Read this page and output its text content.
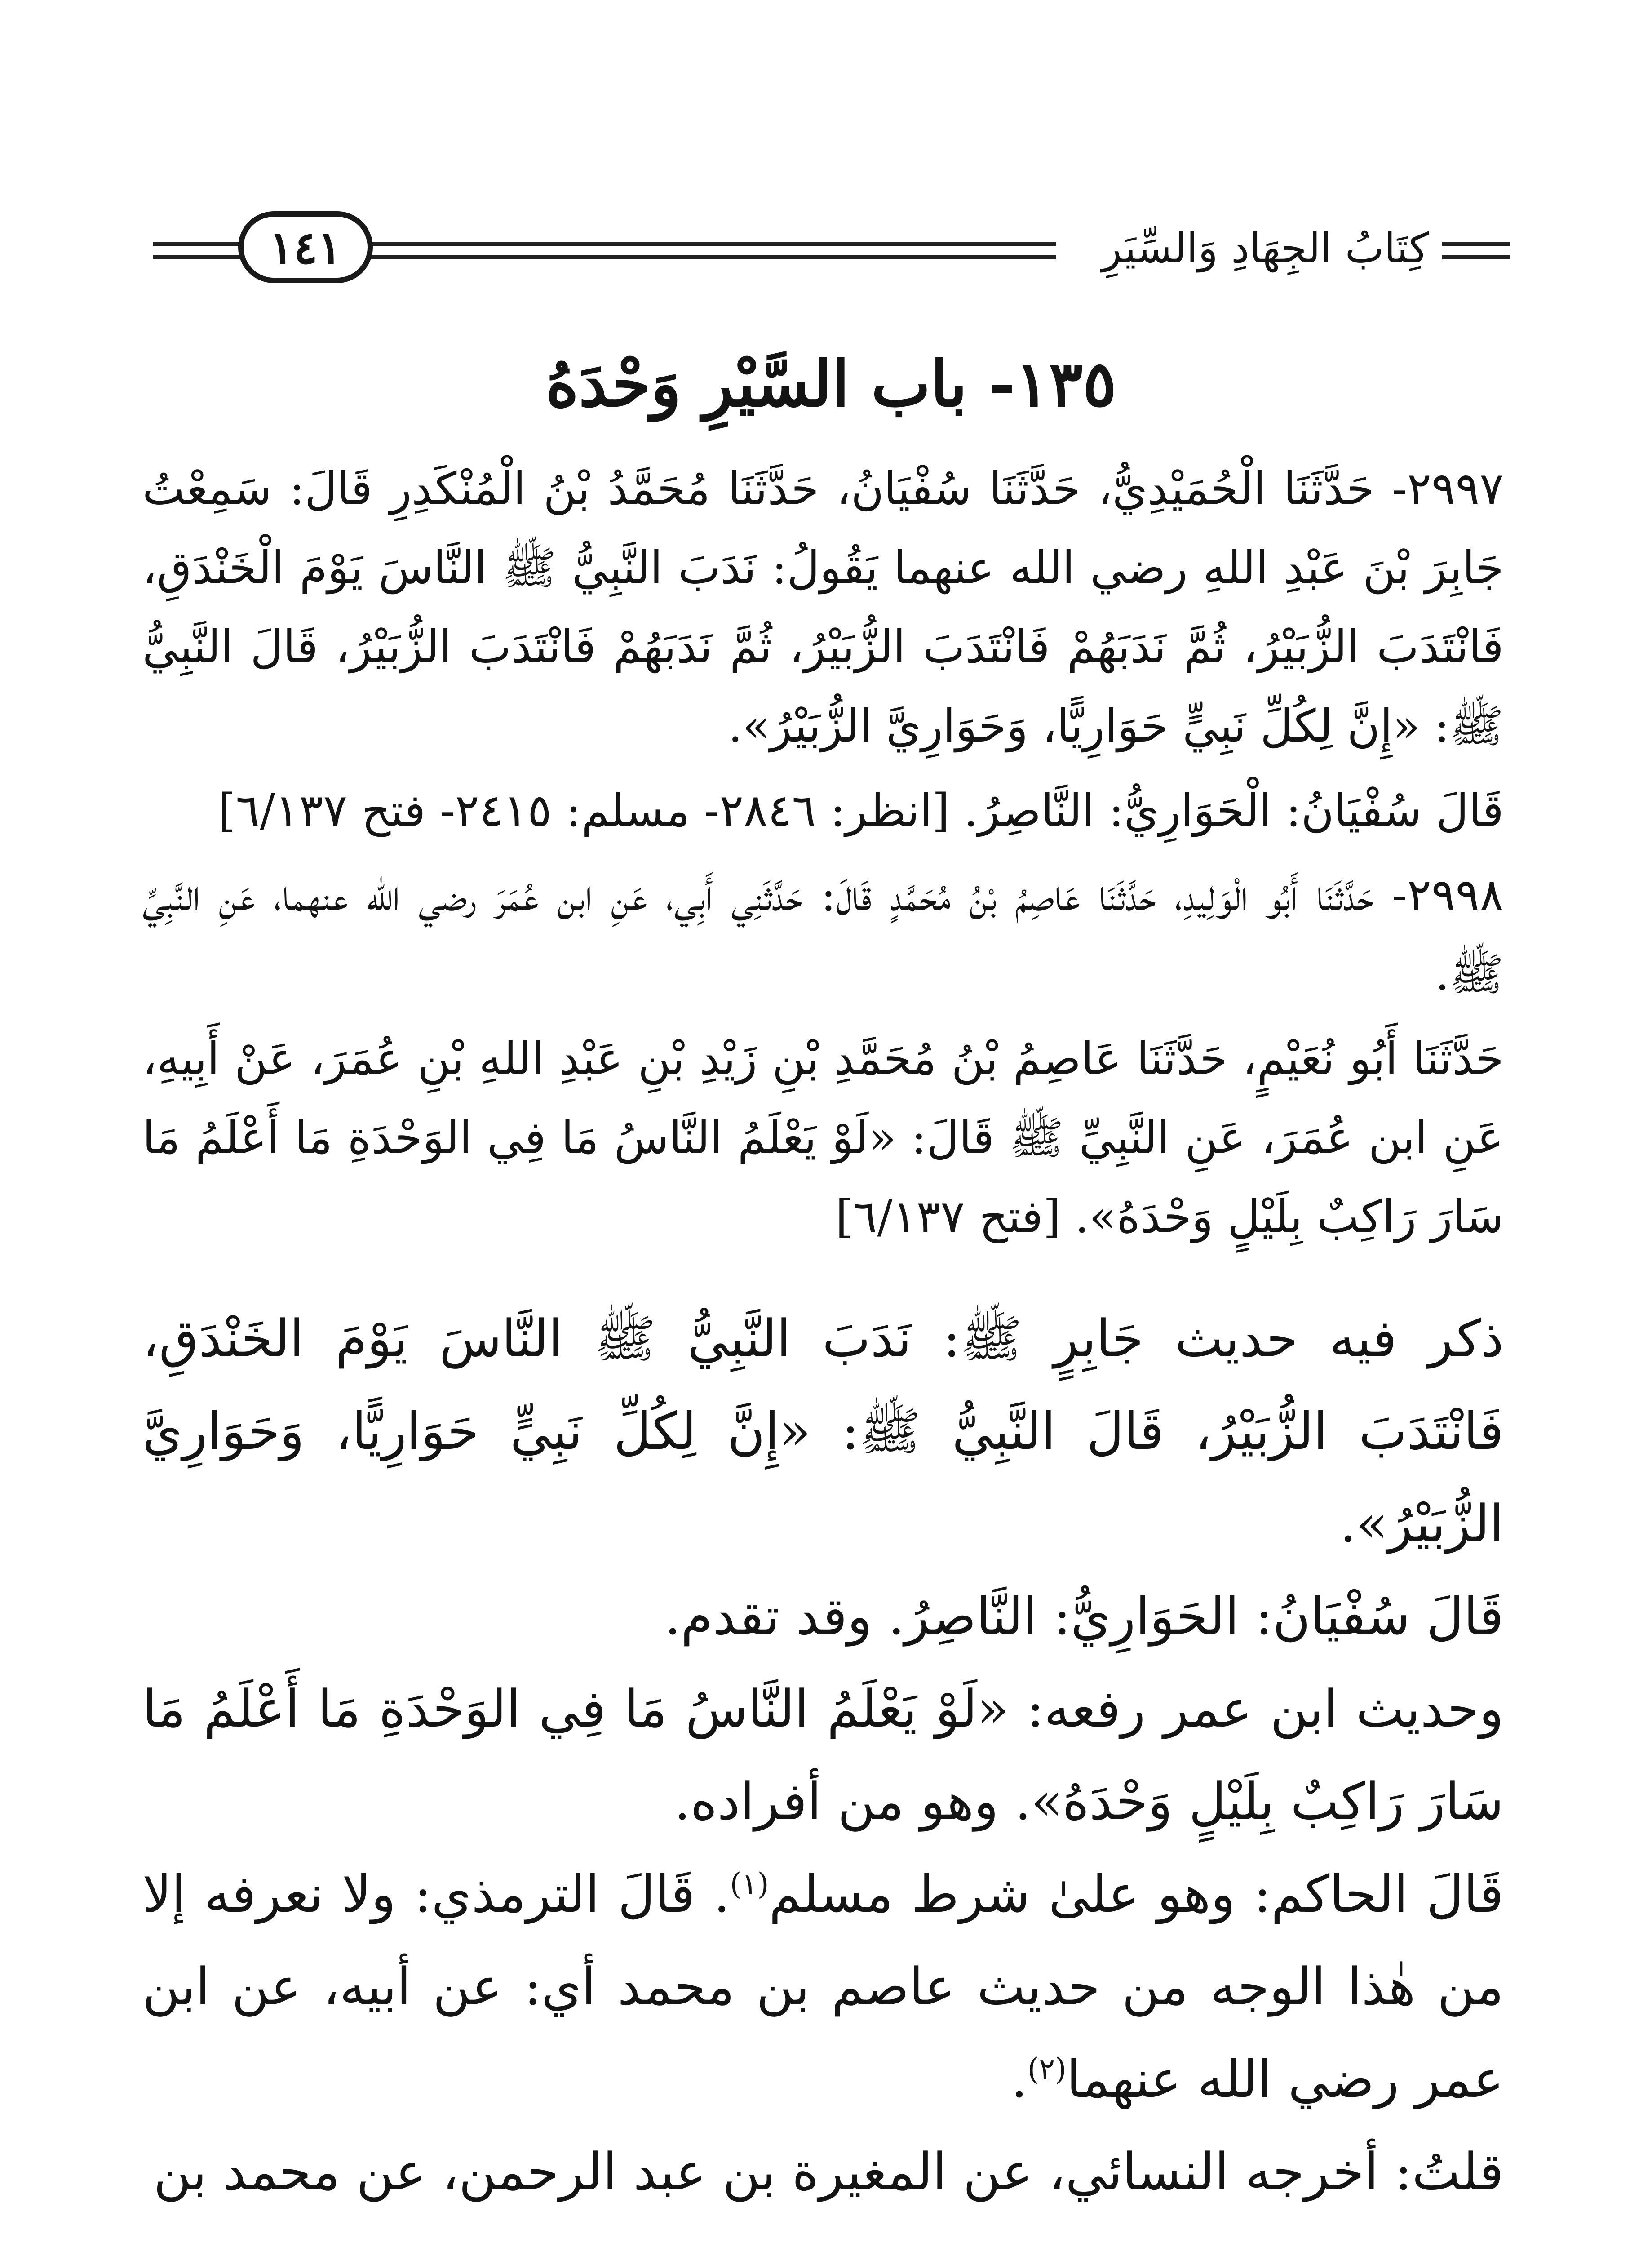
كِتَابُ الجِهَادِ وَالسِّيَرِ
١٤١
١٣٥- باب السَّيْرِ وَحْدَهُ

٢٩٩٧- حَدَّثَنَا الْحُمَيْدِيُّ، حَدَّثَنَا سُفْيَانُ، حَدَّثَنَا مُحَمَّدُ بْنُ الْمُنْكَدِرِ قَالَ: سَمِعْتُ جَابِرَ بْنَ عَبْدِ اللهِ رضي الله عنهما يَقُولُ: نَدَبَ النَّبِيُّ ﷺ النَّاسَ يَوْمَ الْخَنْدَقِ، فَانْتَدَبَ الزُّبَيْرُ، ثُمَّ نَدَبَهُمْ فَانْتَدَبَ الزُّبَيْرُ، ثُمَّ نَدَبَهُمْ فَانْتَدَبَ الزُّبَيْرُ، قَالَ النَّبِيُّ ﷺ: «إِنَّ لِكُلِّ نَبِيٍّ حَوَارِيًّا، وَحَوَارِيَّ الزُّبَيْرُ».

قَالَ سُفْيَانُ: الْحَوَارِيُّ: النَّاصِرُ. [انظر: ٢٨٤٦- مسلم: ٢٤١٥- فتح ٦/١٣٧]

٢٩٩٨- حَدَّثَنَا أَبُو الْوَلِيدِ، حَدَّثَنَا عَاصِمُ بْنُ مُحَمَّدٍ قَالَ: حَدَّثَنِي أَبِي، عَنِ ابن عُمَرَ رضي الله عنهما، عَنِ النَّبِيِّ ﷺ.

حَدَّثَنَا أَبُو نُعَيْمٍ، حَدَّثَنَا عَاصِمُ بْنُ مُحَمَّدِ بْنِ زَيْدِ بْنِ عَبْدِ اللهِ بْنِ عُمَرَ، عَنْ أَبِيهِ، عَنِ ابن عُمَرَ، عَنِ النَّبِيِّ ﷺ قَالَ: «لَوْ يَعْلَمُ النَّاسُ مَا فِي الوَحْدَةِ مَا أَعْلَمُ مَا سَارَ رَاكِبٌ بِلَيْلٍ وَحْدَهُ». [فتح ٦/١٣٧]

ذكر فيه حديث جَابِرٍ ﷺ: نَدَبَ النَّبِيُّ ﷺ النَّاسَ يَوْمَ الخَنْدَقِ، فَانْتَدَبَ الزُّبَيْرُ، قَالَ النَّبِيُّ ﷺ: «إِنَّ لِكُلِّ نَبِيٍّ حَوَارِيًّا، وَحَوَارِيَّ الزُّبَيْرُ».

قَالَ سُفْيَانُ: الحَوَارِيُّ: النَّاصِرُ. وقد تقدم.

وحديث ابن عمر رفعه: «لَوْ يَعْلَمُ النَّاسُ مَا فِي الوَحْدَةِ مَا أَعْلَمُ مَا سَارَ رَاكِبٌ بِلَيْلٍ وَحْدَهُ». وهو من أفراده.

قَالَ الحاكم: وهو علىٰ شرط مسلم$^{(١)}$. قَالَ الترمذي: ولا نعرفه إلا من هٰذا الوجه من حديث عاصم بن محمد أي: عن أبيه، عن ابن عمر رضي الله عنهما$^{(٢)}$.

قلتُ: أخرجه النسائي، عن المغيرة بن عبد الرحمن، عن محمد بن
